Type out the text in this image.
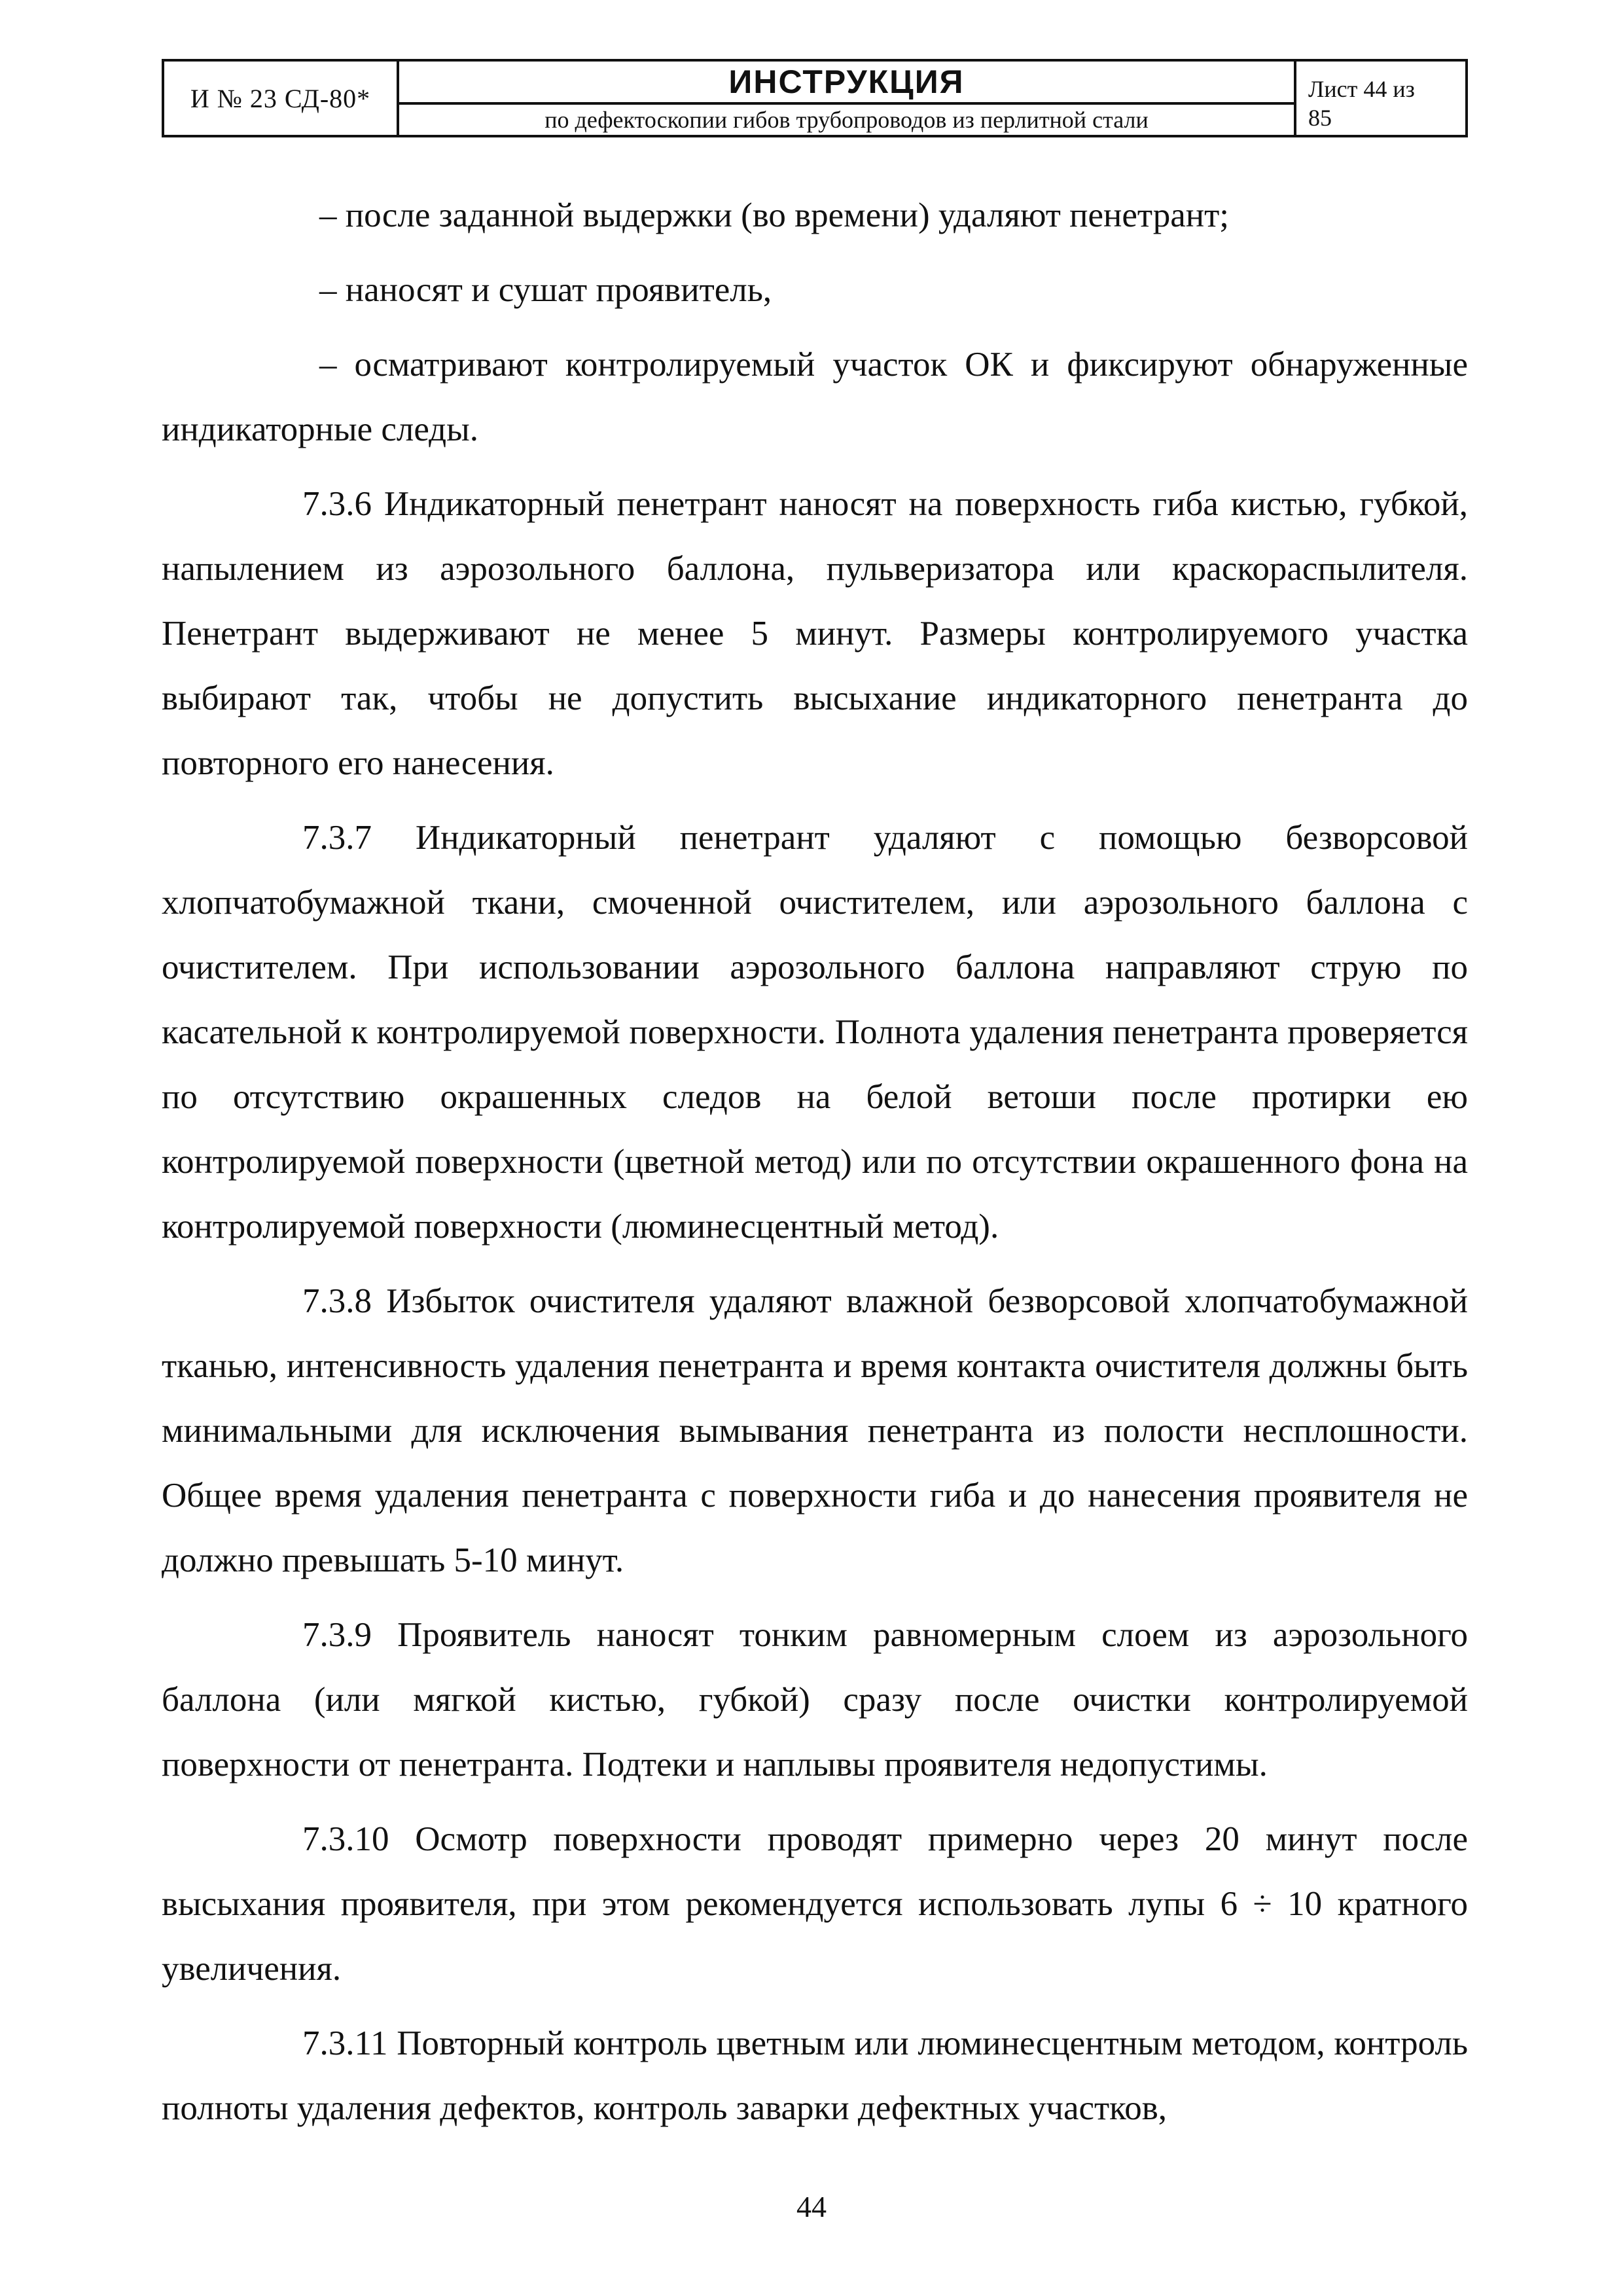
И № 23 СД-80*	ИНСТРУКЦИЯ
по дефектоскопии гибов трубопроводов из перлитной стали
Лист 44 из
85

– после заданной выдержки (во времени) удаляют пенетрант;

– наносят и сушат проявитель,

– осматривают контролируемый участок ОК и фиксируют обнаруженные индикаторные следы.

7.3.6 Индикаторный пенетрант наносят на поверхность гиба кистью, губкой, напылением из аэрозольного баллона, пульверизатора или краскораспылителя. Пенетрант выдерживают не менее 5 минут. Размеры контролируемого участка выбирают так, чтобы не допустить высыхание индикаторного пенетранта до повторного его нанесения.

7.3.7 Индикаторный пенетрант удаляют с помощью безворсовой хлопчатобумажной ткани, смоченной очистителем, или аэрозольного баллона с очистителем. При использовании аэрозольного баллона направляют струю по касательной к контролируемой поверхности. Полнота удаления пенетранта проверяется по отсутствию окрашенных следов на белой ветоши после протирки ею контролируемой поверхности (цветной метод) или по отсутствии окрашенного фона на контролируемой поверхности (люминесцентный метод).

7.3.8 Избыток очистителя удаляют влажной безворсовой хлопчатобумажной тканью, интенсивность удаления пенетранта и время контакта очистителя должны быть минимальными для исключения вымывания пенетранта из полости несплошности. Общее время удаления пенетранта с поверхности гиба и до нанесения проявителя не должно превышать 5-10 минут.

7.3.9 Проявитель наносят тонким равномерным слоем из аэрозольного баллона (или мягкой кистью, губкой) сразу после очистки контролируемой поверхности от пенетранта. Подтеки и наплывы проявителя недопустимы.

7.3.10 Осмотр поверхности проводят примерно через 20 минут после высыхания проявителя, при этом рекомендуется использовать лупы 6 ÷ 10 кратного увеличения.

7.3.11 Повторный контроль цветным или люминесцентным методом, контроль полноты удаления дефектов, контроль заварки дефектных участков,

44
